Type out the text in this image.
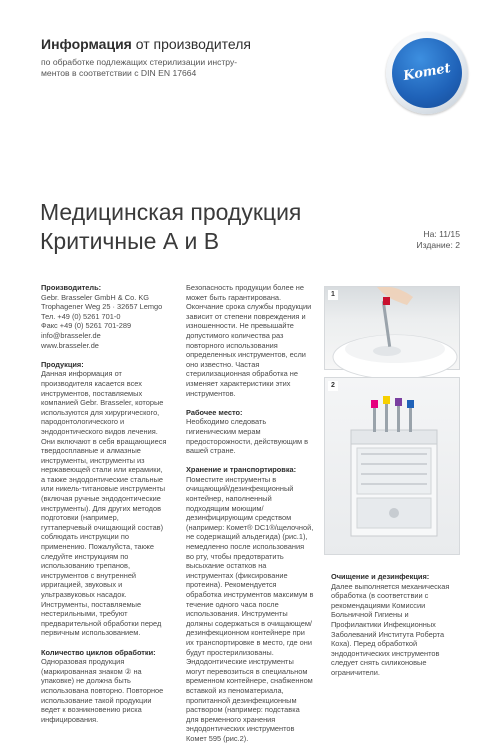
Информация от производителя
по обработке подлежащих стерилизации инстру-
ментов в соответствии с DIN EN 17664	Komet
Медицинская продукция
Критичные А и В	На: 11/15
Издание: 2
Производитель:
Gebr. Brasseler GmbH & Co. KG
Trophagener Weg 25 · 32657 Lemgo
Тел. +49 (0) 5261 701-0
Факс +49 (0) 5261 701-289
info@brasseler.de
www.brasseler.de
Продукция:

Данная информация от производителя касается всех инструментов, поставляемых компанией Gebr. Brasseler, которые используются для хирургического, пародонтологического и эндодонтического видов лечения. Они включают в себя вращающиеся твердосплавные и алмазные инструменты, инструменты из нержавеющей стали или керамики, а также эндодонтические стальные или никель-титановые инструменты (включая ручные эндодонтические инструменты). Для других методов подготовки (например, гуттаперчевый очищающий состав) соблюдать инструкции по применению. Пожалуйста, также следуйте инструкциям по использованию трепанов, инструментов с внутренней ирригацией, звуковых и ультразвуковых насадок. Инструменты, поставляемые нестерильными, требуют предварительной обработки перед первичным использованием.

Количество циклов обработки:

Одноразовая продукция (маркированная знаком ② на упаковке) не должна быть использована повторно. Повторное использование такой продукции ведет к возникновению риска инфицирования.

Безопасность продукции более не может быть гарантирована. Окончание срока службы продукции зависит от степени повреждения и изношенности. Не превышайте допустимого количества раз повторного использования определенных инструментов, если оно известно. Частая стерилизационная обработка не изменяет характеристики этих инструментов.

Рабочее место:

Необходимо следовать гигиеническим мерам предосторожности, действующим в вашей стране.

Хранение и транспортировка:

Поместите инструменты в очищающий/дезинфекционный контейнер, наполненный подходящим моющим/дезинфицирующим средством (например: Комет® DC1®/щелочной, не содержащий альдегида) (рис.1), немедленно после использования во рту, чтобы предотвратить высыхание остатков на инструментах (фиксирование протеина). Рекомендуется обработка инструментов максимум в течение одного часа после использования. Инструменты должны содержаться в очищающем/дезинфекционном контейнере при их транспортировке в место, где они будут простерилизованы. Эндодонтические инструменты могут перевозиться в специальном временном контейнере, снабженном вставкой из пеноматериала, пропитанной дезинфекционным раствором (например: подставка для временного хранения эндодонтических инструментов Комет 595 (рис.2).

1
2
Очищение и дезинфекция:

Далее выполняется механическая обработка (в соответствии с рекомендациями Комиссии Больничной Гигиены и Профилактики Инфекционных Заболеваний Института Роберта Коха). Перед обработкой эндодонтических инструментов следует снять силиконовые ограничители.
